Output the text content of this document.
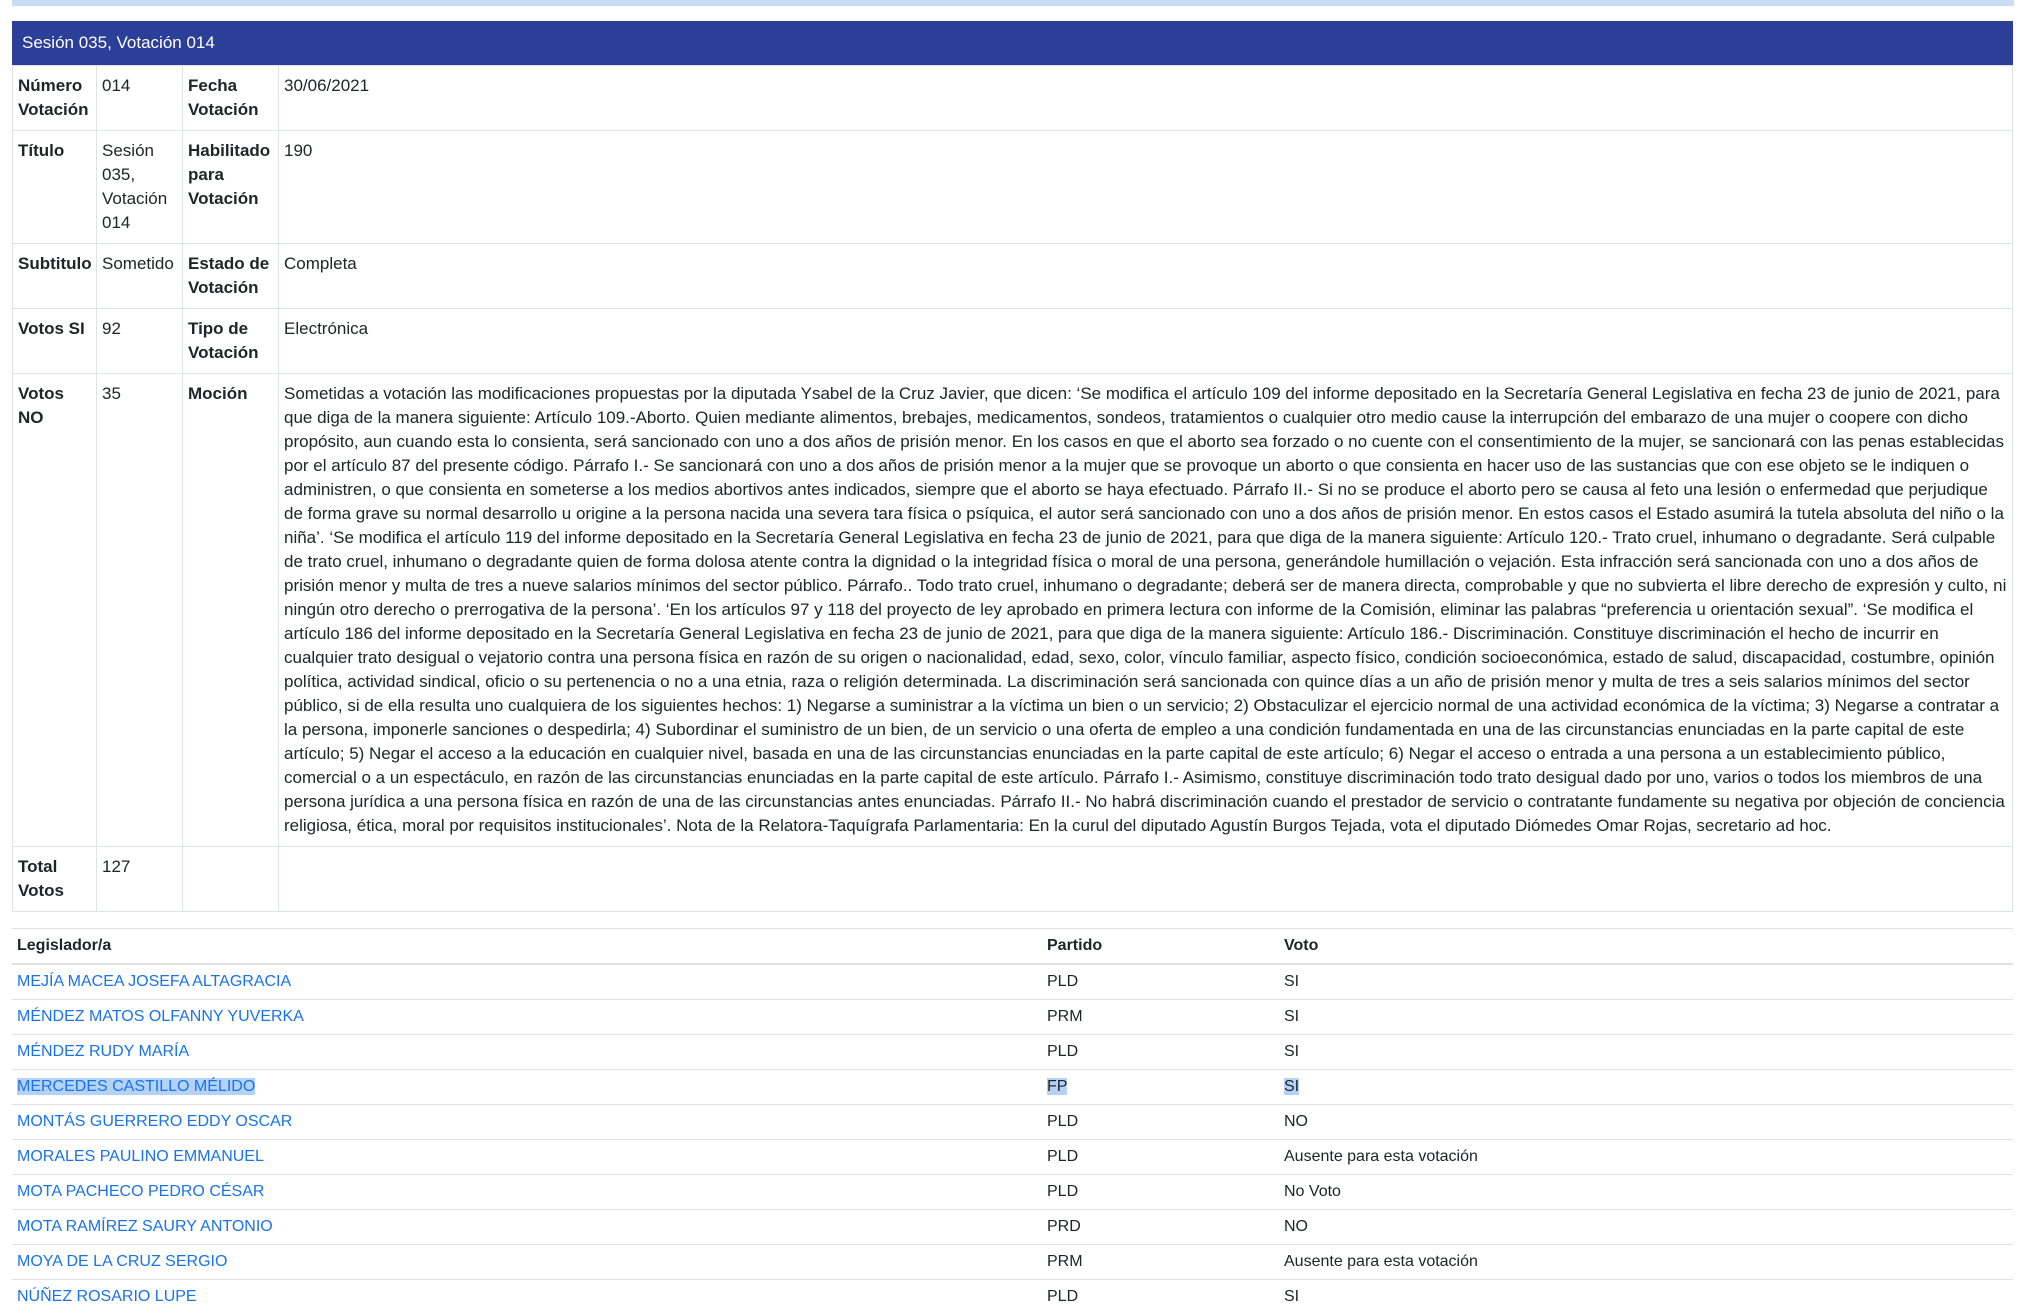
Sesión 035, Votación 014
Número Votación	014	Fecha Votación	30/06/2021
Título	Sesión 035, Votación 014	Habilitado para Votación	190
Subtitulo	Sometido	Estado de Votación	Completa
Votos SI	92	Tipo de Votación	Electrónica
Votos NO	35	Moción	Sometidas a votación las modificaciones propuestas por la diputada Ysabel de la Cruz Javier, que dicen: ‘Se modifica el artículo 109 del informe depositado en la Secretaría General Legislativa en fecha 23 de junio de 2021, para que diga de la manera siguiente: Artículo 109.-Aborto. Quien mediante alimentos, brebajes, medicamentos, sondeos, tratamientos o cualquier otro medio cause la interrupción del embarazo de una mujer o coopere con dicho propósito, aun cuando esta lo consienta, será sancionado con uno a dos años de prisión menor. En los casos en que el aborto sea forzado o no cuente con el consentimiento de la mujer, se sancionará con las penas establecidas por el artículo 87 del presente código. Párrafo I.- Se sancionará con uno a dos años de prisión menor a la mujer que se provoque un aborto o que consienta en hacer uso de las sustancias que con ese objeto se le indiquen o administren, o que consienta en someterse a los medios abortivos antes indicados, siempre que el aborto se haya efectuado. Párrafo II.- Si no se produce el aborto pero se causa al feto una lesión o enfermedad que perjudique de forma grave su normal desarrollo u origine a la persona nacida una severa tara física o psíquica, el autor será sancionado con uno a dos años de prisión menor. En estos casos el Estado asumirá la tutela absoluta del niño o la niña’. ‘Se modifica el artículo 119 del informe depositado en la Secretaría General Legislativa en fecha 23 de junio de 2021, para que diga de la manera siguiente: Artículo 120.- Trato cruel, inhumano o degradante. Será culpable de trato cruel, inhumano o degradante quien de forma dolosa atente contra la dignidad o la integridad física o moral de una persona, generándole humillación o vejación. Esta infracción será sancionada con uno a dos años de prisión menor y multa de tres a nueve salarios mínimos del sector público. Párrafo.. Todo trato cruel, inhumano o degradante; deberá ser de manera directa, comprobable y que no subvierta el libre derecho de expresión y culto, ni ningún otro derecho o prerrogativa de la persona’. ‘En los artículos 97 y 118 del proyecto de ley aprobado en primera lectura con informe de la Comisión, eliminar las palabras “preferencia u orientación sexual”. ‘Se modifica el artículo 186 del informe depositado en la Secretaría General Legislativa en fecha 23 de junio de 2021, para que diga de la manera siguiente: Artículo 186.- Discriminación. Constituye discriminación el hecho de incurrir en cualquier trato desigual o vejatorio contra una persona física en razón de su origen o nacionalidad, edad, sexo, color, vínculo familiar, aspecto físico, condición socioeconómica, estado de salud, discapacidad, costumbre, opinión política, actividad sindical, oficio o su pertenencia o no a una etnia, raza o religión determinada. La discriminación será sancionada con quince días a un año de prisión menor y multa de tres a seis salarios mínimos del sector público, si de ella resulta uno cualquiera de los siguientes hechos: 1) Negarse a suministrar a la víctima un bien o un servicio; 2) Obstaculizar el ejercicio normal de una actividad económica de la víctima; 3) Negarse a contratar a la persona, imponerle sanciones o despedirla; 4) Subordinar el suministro de un bien, de un servicio o una oferta de empleo a una condición fundamentada en una de las circunstancias enunciadas en la parte capital de este artículo; 5) Negar el acceso a la educación en cualquier nivel, basada en una de las circunstancias enunciadas en la parte capital de este artículo; 6) Negar el acceso o entrada a una persona a un establecimiento público, comercial o a un espectáculo, en razón de las circunstancias enunciadas en la parte capital de este artículo. Párrafo I.- Asimismo, constituye discriminación todo trato desigual dado por uno, varios o todos los miembros de una persona jurídica a una persona física en razón de una de las circunstancias antes enunciadas. Párrafo II.- No habrá discriminación cuando el prestador de servicio o contratante fundamente su negativa por objeción de conciencia religiosa, ética, moral por requisitos institucionales’. Nota de la Relatora-Taquígrafa Parlamentaria: En la curul del diputado Agustín Burgos Tejada, vota el diputado Diómedes Omar Rojas, secretario ad hoc.
Total Votos	127		
Legislador/a	Partido	Voto
MEJÍA MACEA JOSEFA ALTAGRACIA	PLD	SI
MÉNDEZ MATOS OLFANNY YUVERKA	PRM	SI
MÉNDEZ RUDY MARÍA	PLD	SI
MERCEDES CASTILLO MÉLIDO	FP	SI
MONTÁS GUERRERO EDDY OSCAR	PLD	NO
MORALES PAULINO EMMANUEL	PLD	Ausente para esta votación
MOTA PACHECO PEDRO CÉSAR	PLD	No Voto
MOTA RAMÍREZ SAURY ANTONIO	PRD	NO
MOYA DE LA CRUZ SERGIO	PRM	Ausente para esta votación
NÚÑEZ ROSARIO LUPE	PLD	SI
